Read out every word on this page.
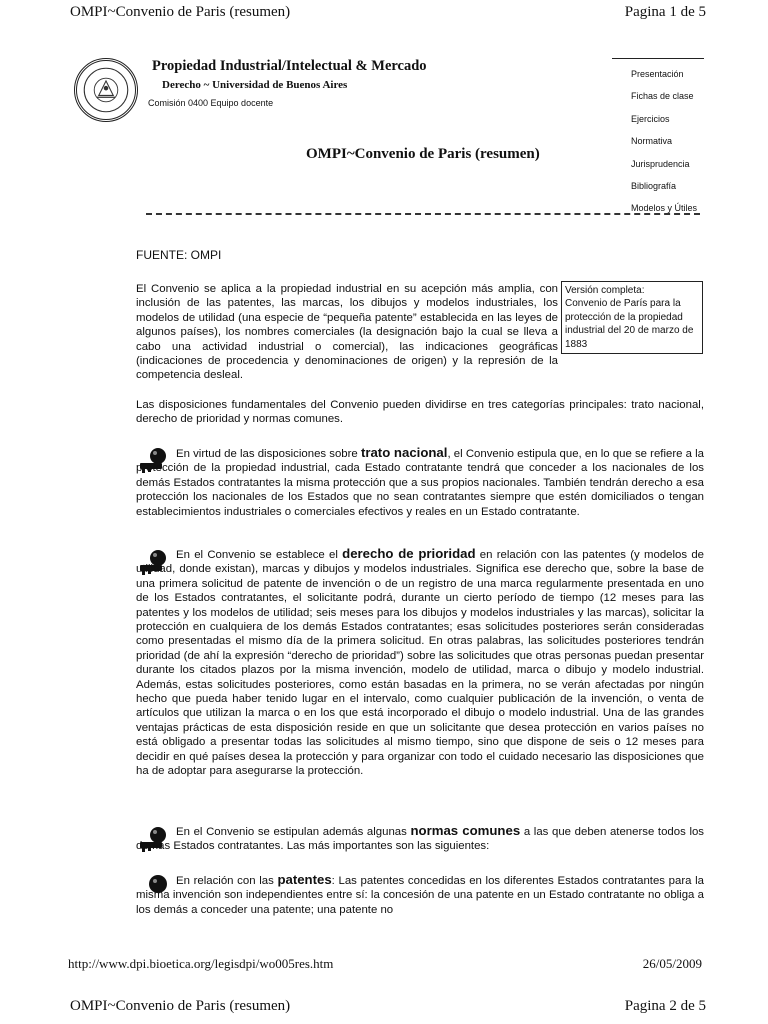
OMPI~Convenio de Paris (resumen)	Pagina 1 de 5
Propiedad Industrial/Intelectual & Mercado
Derecho ~ Universidad de Buenos Aires
Comisión 0400 Equipo docente
Presentación
Fichas de clase
Ejercicios
Normativa
Jurisprudencia
Bibliografía
Modelos y Útiles
OMPI~Convenio de Paris (resumen)
FUENTE: OMPI

El Convenio se aplica a la propiedad industrial en su acepción más amplia, con inclusión de las patentes, las marcas, los dibujos y modelos industriales, los modelos de utilidad (una especie de “pequeña patente” establecida en las leyes de algunos países), los nombres comerciales (la designación bajo la cual se lleva a cabo una actividad industrial o comercial), las indicaciones geográficas (indicaciones de procedencia y denominaciones de origen) y la represión de la competencia desleal.

Versión completa:
Convenio de París para la protección de la propiedad industrial del 20 de marzo de 1883

Las disposiciones fundamentales del Convenio pueden dividirse en tres categorías principales: trato nacional, derecho de prioridad y normas comunes.

En virtud de las disposiciones sobre trato nacional, el Convenio estipula que, en lo que se refiere a la protección de la propiedad industrial, cada Estado contratante tendrá que conceder a los nacionales de los demás Estados contratantes la misma protección que a sus propios nacionales. También tendrán derecho a esa protección los nacionales de los Estados que no sean contratantes siempre que estén domiciliados o tengan establecimientos industriales o comerciales efectivos y reales en un Estado contratante.

En el Convenio se establece el derecho de prioridad en relación con las patentes (y modelos de utilidad, donde existan), marcas y dibujos y modelos industriales. Significa ese derecho que, sobre la base de una primera solicitud de patente de invención o de un registro de una marca regularmente presentada en uno de los Estados contratantes, el solicitante podrá, durante un cierto período de tiempo (12 meses para las patentes y los modelos de utilidad; seis meses para los dibujos y modelos industriales y las marcas), solicitar la protección en cualquiera de los demás Estados contratantes; esas solicitudes posteriores serán consideradas como presentadas el mismo día de la primera solicitud. En otras palabras, las solicitudes posteriores tendrán prioridad (de ahí la expresión “derecho de prioridad”) sobre las solicitudes que otras personas puedan presentar durante los citados plazos por la misma invención, modelo de utilidad, marca o dibujo y modelo industrial. Además, estas solicitudes posteriores, como están basadas en la primera, no se verán afectadas por ningún hecho que pueda haber tenido lugar en el intervalo, como cualquier publicación de la invención, o venta de artículos que utilizan la marca o en los que está incorporado el dibujo o modelo industrial. Una de las grandes ventajas prácticas de esta disposición reside en que un solicitante que desea protección en varios países no está obligado a presentar todas las solicitudes al mismo tiempo, sino que dispone de seis o 12 meses para decidir en qué países desea la protección y para organizar con todo el cuidado necesario las disposiciones que ha de adoptar para asegurarse la protección.

En el Convenio se estipulan además algunas normas comunes a las que deben atenerse todos los demás Estados contratantes. Las más importantes son las siguientes:

En relación con las patentes: Las patentes concedidas en los diferentes Estados contratantes para la misma invención son independientes entre sí: la concesión de una patente en un Estado contratante no obliga a los demás a conceder una patente; una patente no

http://www.dpi.bioetica.org/legisdpi/wo005res.htm	26/05/2009
OMPI~Convenio de Paris (resumen)	Pagina 2 de 5
